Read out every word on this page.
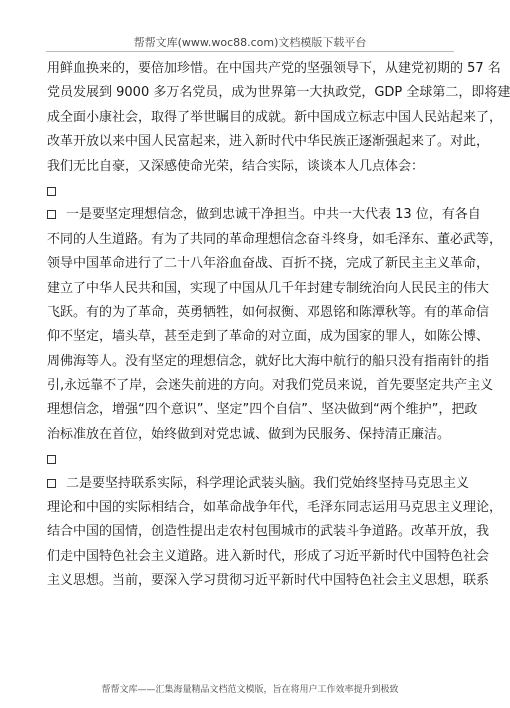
帮帮文库(www.woc88.com)文档模版下载平台
用鲜血换来的，要倍加珍惜。在中国共产党的坚强领导下，从建党初期的 57 名
党员发展到 9000 多万名党员，成为世界第一大执政党，GDP 全球第二，即将建
成全面小康社会，取得了举世瞩目的成就。新中国成立标志中国人民站起来了，
改革开放以来中国人民富起来，进入新时代中华民族正逐渐强起来了。对此，
我们无比自豪，又深感使命光荣，结合实际，谈谈本人几点体会：
一是要坚定理想信念，做到忠诚干净担当。中共一大代表 13 位，有各自
不同的人生道路。有为了共同的革命理想信念奋斗终身，如毛泽东、董必武等，
领导中国革命进行了二十八年浴血奋战、百折不挠，完成了新民主主义革命，
建立了中华人民共和国，实现了中国从几千年封建专制统治向人民民主的伟大
飞跃。有的为了革命，英勇牺牲，如何叔衡、邓恩铭和陈潭秋等。有的革命信
仰不坚定，墙头草，甚至走到了革命的对立面，成为国家的罪人，如陈公博、
周佛海等人。没有坚定的理想信念，就好比大海中航行的船只没有指南针的指
引,永远靠不了岸，会迷失前进的方向。对我们党员来说，首先要坚定共产主义
理想信念，增强“四个意识”、坚定”四个自信”、坚决做到“两个维护”，把政
治标准放在首位，始终做到对党忠诚、做到为民服务、保持清正廉洁。
二是要坚持联系实际，科学理论武装头脑。我们党始终坚持马克思主义
理论和中国的实际相结合，如革命战争年代，毛泽东同志运用马克思主义理论，
结合中国的国情，创造性提出走农村包围城市的武装斗争道路。改革开放，我
们走中国特色社会主义道路。进入新时代，形成了习近平新时代中国特色社会
主义思想。当前，要深入学习贯彻习近平新时代中国特色社会主义思想，联系
帮帮文库——汇集海量精品文档范文模版，旨在将用户工作效率提升到极致
